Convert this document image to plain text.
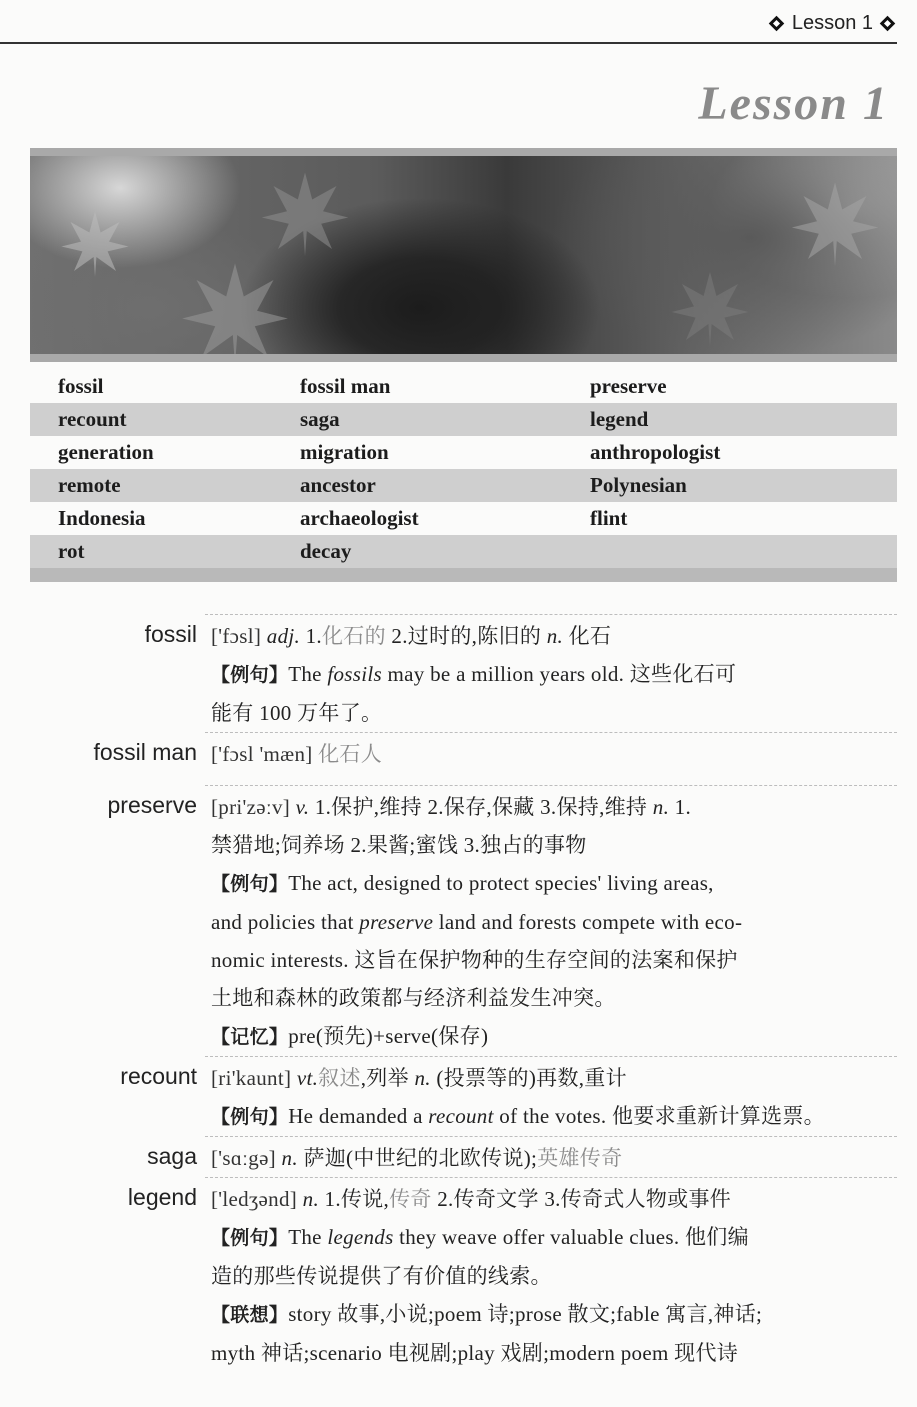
Lesson 1
Lesson 1
fossil	fossil man	preserve
recount	saga	legend
generation	migration	anthropologist
remote	ancestor	Polynesian
Indonesia	archaeologist	flint
rot	decay
fossil ['fɔsl] adj. 1.化石的 2.过时的,陈旧的 n. 化石
【例句】The fossils may be a million years old. 这些化石可
能有 100 万年了。
fossil man ['fɔsl 'mæn] 化石人
preserve [pri'zəːv] v. 1.保护,维持 2.保存,保藏 3.保持,维持 n. 1.
禁猎地;饲养场 2.果酱;蜜饯 3.独占的事物
【例句】The act, designed to protect species' living areas,
and policies that preserve land and forests compete with eco-
nomic interests. 这旨在保护物种的生存空间的法案和保护
土地和森林的政策都与经济利益发生冲突。
【记忆】pre(预先)+serve(保存)
recount [ri'kaunt] vt.叙述,列举 n. (投票等的)再数,重计
【例句】He demanded a recount of the votes. 他要求重新计算选票。
saga ['sɑːgə] n. 萨迦(中世纪的北欧传说);英雄传奇
legend ['ledʒənd] n. 1.传说,传奇 2.传奇文学 3.传奇式人物或事件
【例句】The legends they weave offer valuable clues. 他们编
造的那些传说提供了有价值的线索。
【联想】story 故事,小说;poem 诗;prose 散文;fable 寓言,神话;
myth 神话;scenario 电视剧;play 戏剧;modern poem 现代诗
